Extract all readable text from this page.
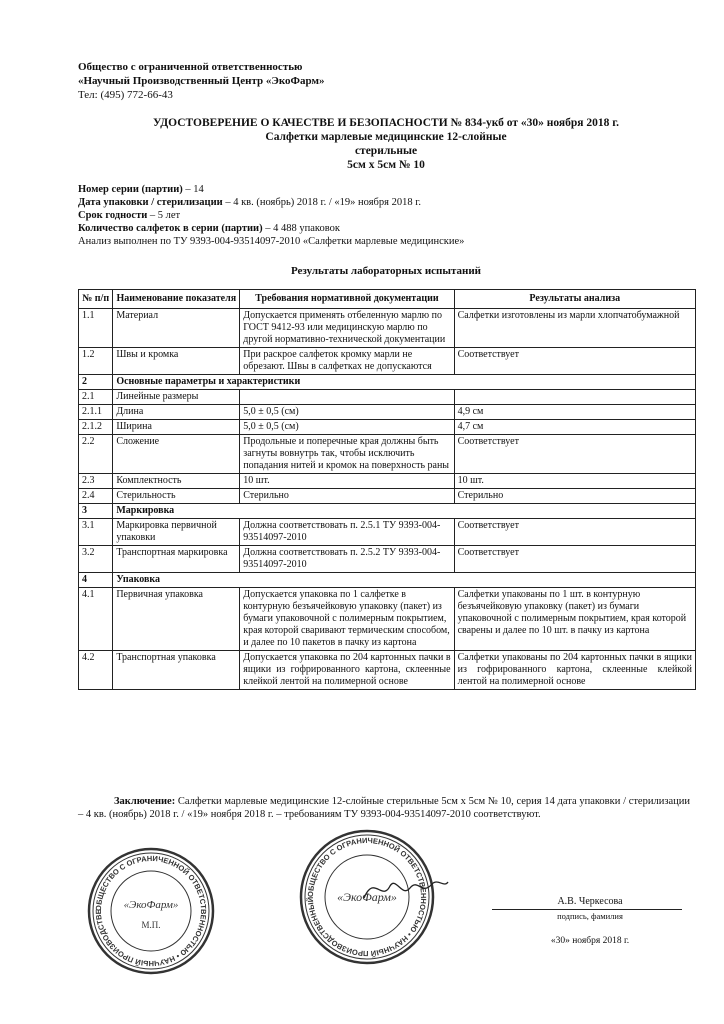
Общество с ограниченной ответственностью
«Научный Производственный Центр «ЭкоФарм»
Тел: (495) 772-66-43
УДОСТОВЕРЕНИЕ О КАЧЕСТВЕ И БЕЗОПАСНОСТИ № 834-укб от «30» ноября 2018 г.
Салфетки марлевые медицинские 12-слойные
стерильные
5см х 5см № 10
Номер серии (партии) – 14
Дата упаковки / стерилизации – 4 кв. (ноябрь) 2018 г. / «19» ноября 2018 г.
Срок годности – 5 лет
Количество салфеток в серии (партии) – 4 488 упаковок
Анализ выполнен по ТУ 9393-004-93514097-2010 «Салфетки марлевые медицинские»
Результаты лабораторных испытаний
№ п/п	Наименование показателя	Требования нормативной документации	Результаты анализа
1.1	Материал	Допускается применять отбеленную марлю по ГОСТ 9412-93 или медицинскую марлю по другой нормативно-технической документации	Салфетки изготовлены из марли хлопчатобумажной
1.2	Швы и кромка	При раскрое салфеток кромку марли не обрезают. Швы в салфетках не допускаются	Соответствует
2	Основные параметры и характеристики		
2.1	Линейные размеры		
2.1.1	Длина	5,0 ± 0,5 (см)	4,9 см
2.1.2	Ширина	5,0 ± 0,5 (см)	4,7 см
2.2	Сложение	Продольные и поперечные края должны быть загнуты вовнутрь так, чтобы исключить попадания нитей и кромок на поверхность раны	Соответствует
2.3	Комплектность	10 шт.	10 шт.
2.4	Стерильность	Стерильно	Стерильно
3	Маркировка		
3.1	Маркировка первичной упаковки	Должна соответствовать п. 2.5.1 ТУ 9393-004-93514097-2010	Соответствует
3.2	Транспортная маркировка	Должна соответствовать п. 2.5.2 ТУ 9393-004-93514097-2010	Соответствует
4	Упаковка		
4.1	Первичная упаковка	Допускается упаковка по 1 салфетке в контурную безъячейковую упаковку (пакет) из бумаги упаковочной с полимерным покрытием, края которой сваривают термическим способом, и далее по 10 пакетов в пачку из картона	Салфетки упакованы по 1 шт. в контурную безъячейковую упаковку (пакет) из бумаги упаковочной с полимерным покрытием, края которой сварены и далее по 10 шт. в пачку из картона
4.2	Транспортная упаковка	Допускается упаковка по 204 картонных пачки в ящики из гофрированного картона, склеенные клейкой лентой на полимерной основе	Салфетки упакованы по 204 картонных пачки в ящики из гофрированного картона, склеенные клейкой лентой на полимерной основе
Заключение: Салфетки марлевые медицинские 12-слойные стерильные 5см х 5см № 10, серия 14 дата упаковки / стерилизации – 4 кв. (ноябрь) 2018 г. / «19» ноября 2018 г. – требованиям ТУ 9393-004-93514097-2010 соответствуют.
ОБЩЕСТВО С ОГРАНИЧЕННОЙ ОТВЕТСТВЕННОСТЬЮ • НАУЧНЫЙ ПРОИЗВОДСТВЕ
«ЭкоФарм»
М.П.
ОБЩЕСТВО С ОГРАНИЧЕННОЙ ОТВЕТСТВЕННОСТЬЮ • НАУЧНЫЙ ПРОИЗВОДСТВЕННЫЙ	«ЭкоФарм»	А.В. Черкесова
подпись, фамилия
«30» ноября 2018 г.
